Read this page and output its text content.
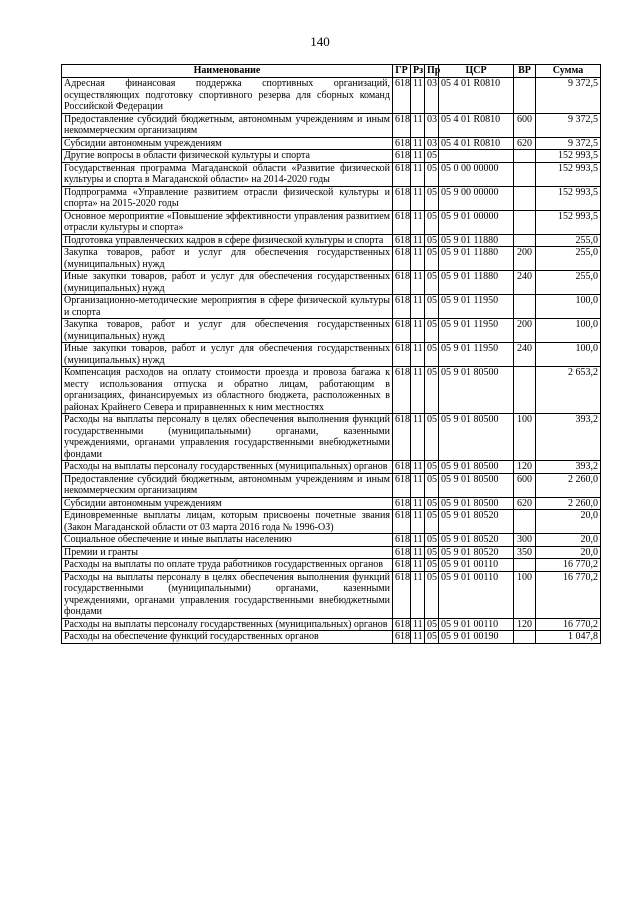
140
Наименование	ГР	Рз	Пр	ЦСР	ВР	Сумма
Адресная финансовая поддержка спортивных организаций, осуществляющих подготовку спортивного резерва для сборных команд Российской Федерации	618	11	03	05 4 01 R0810		9 372,5
Предоставление субсидий бюджетным, автономным учреждениям и иным некоммерческим организациям	618	11	03	05 4 01 R0810	600	9 372,5
Субсидии автономным учреждениям	618	11	03	05 4 01 R0810	620	9 372,5
Другие вопросы в области физической культуры и спорта	618	11	05			152 993,5
Государственная программа Магаданской области «Развитие физической культуры и спорта в Магаданской области» на 2014-2020 годы	618	11	05	05 0 00 00000		152 993,5
Подпрограмма «Управление развитием отрасли физической культуры и спорта» на 2015-2020 годы	618	11	05	05 9 00 00000		152 993,5
Основное мероприятие «Повышение эффективности управления развитием отрасли культуры и спорта»	618	11	05	05 9 01 00000		152 993,5
Подготовка управленческих кадров в сфере физической культуры и спорта	618	11	05	05 9 01 11880		255,0
Закупка товаров, работ и услуг для обеспечения государственных (муниципальных) нужд	618	11	05	05 9 01 11880	200	255,0
Иные закупки товаров, работ и услуг для обеспечения государственных (муниципальных) нужд	618	11	05	05 9 01 11880	240	255,0
Организационно-методические мероприятия в сфере физической культуры и спорта	618	11	05	05 9 01 11950		100,0
Закупка товаров, работ и услуг для обеспечения государственных (муниципальных) нужд	618	11	05	05 9 01 11950	200	100,0
Иные закупки товаров, работ и услуг для обеспечения государственных (муниципальных) нужд	618	11	05	05 9 01 11950	240	100,0
Компенсация расходов на оплату стоимости проезда и провоза багажа к месту использования отпуска и обратно лицам, работающим в организациях, финансируемых из областного бюджета, расположенных в районах Крайнего Севера и приравненных к ним местностях	618	11	05	05 9 01 80500		2 653,2
Расходы на выплаты персоналу в целях обеспечения выполнения функций государственными (муниципальными) органами, казенными учреждениями, органами управления государственными внебюджетными фондами	618	11	05	05 9 01 80500	100	393,2
Расходы на выплаты персоналу государственных (муниципальных) органов	618	11	05	05 9 01 80500	120	393,2
Предоставление субсидий бюджетным, автономным учреждениям и иным некоммерческим организациям	618	11	05	05 9 01 80500	600	2 260,0
Субсидии автономным учреждениям	618	11	05	05 9 01 80500	620	2 260,0
Единовременные выплаты лицам, которым присвоены почетные звания (Закон Магаданской области от 03 марта 2016 года № 1996-ОЗ)	618	11	05	05 9 01 80520		20,0
Социальное обеспечение и иные выплаты населению	618	11	05	05 9 01 80520	300	20,0
Премии и гранты	618	11	05	05 9 01 80520	350	20,0
Расходы на выплаты по оплате труда работников государственных органов	618	11	05	05 9 01 00110		16 770,2
Расходы на выплаты персоналу в целях обеспечения выполнения функций государственными (муниципальными) органами, казенными учреждениями, органами управления государственными внебюджетными фондами	618	11	05	05 9 01 00110	100	16 770,2
Расходы на выплаты персоналу государственных (муниципальных) органов	618	11	05	05 9 01 00110	120	16 770,2
Расходы на обеспечение функций государственных органов	618	11	05	05 9 01 00190		1 047,8
